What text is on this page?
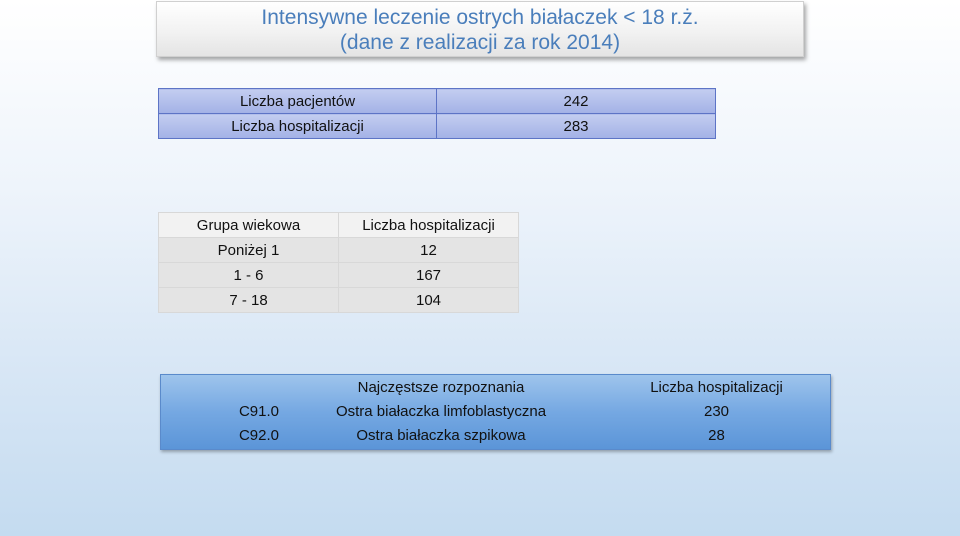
Intensywne leczenie ostrych białaczek < 18 r.ż.
(dane z realizacji za rok 2014)
Liczba pacjentów	242
Liczba hospitalizacji	283
Grupa wiekowa	Liczba hospitalizacji
Poniżej 1	12
1 - 6	167
7 - 18	104
	Najczęstsze rozpoznania	Liczba hospitalizacji
C91.0	Ostra białaczka limfoblastyczna	230
C92.0	Ostra białaczka szpikowa	28
